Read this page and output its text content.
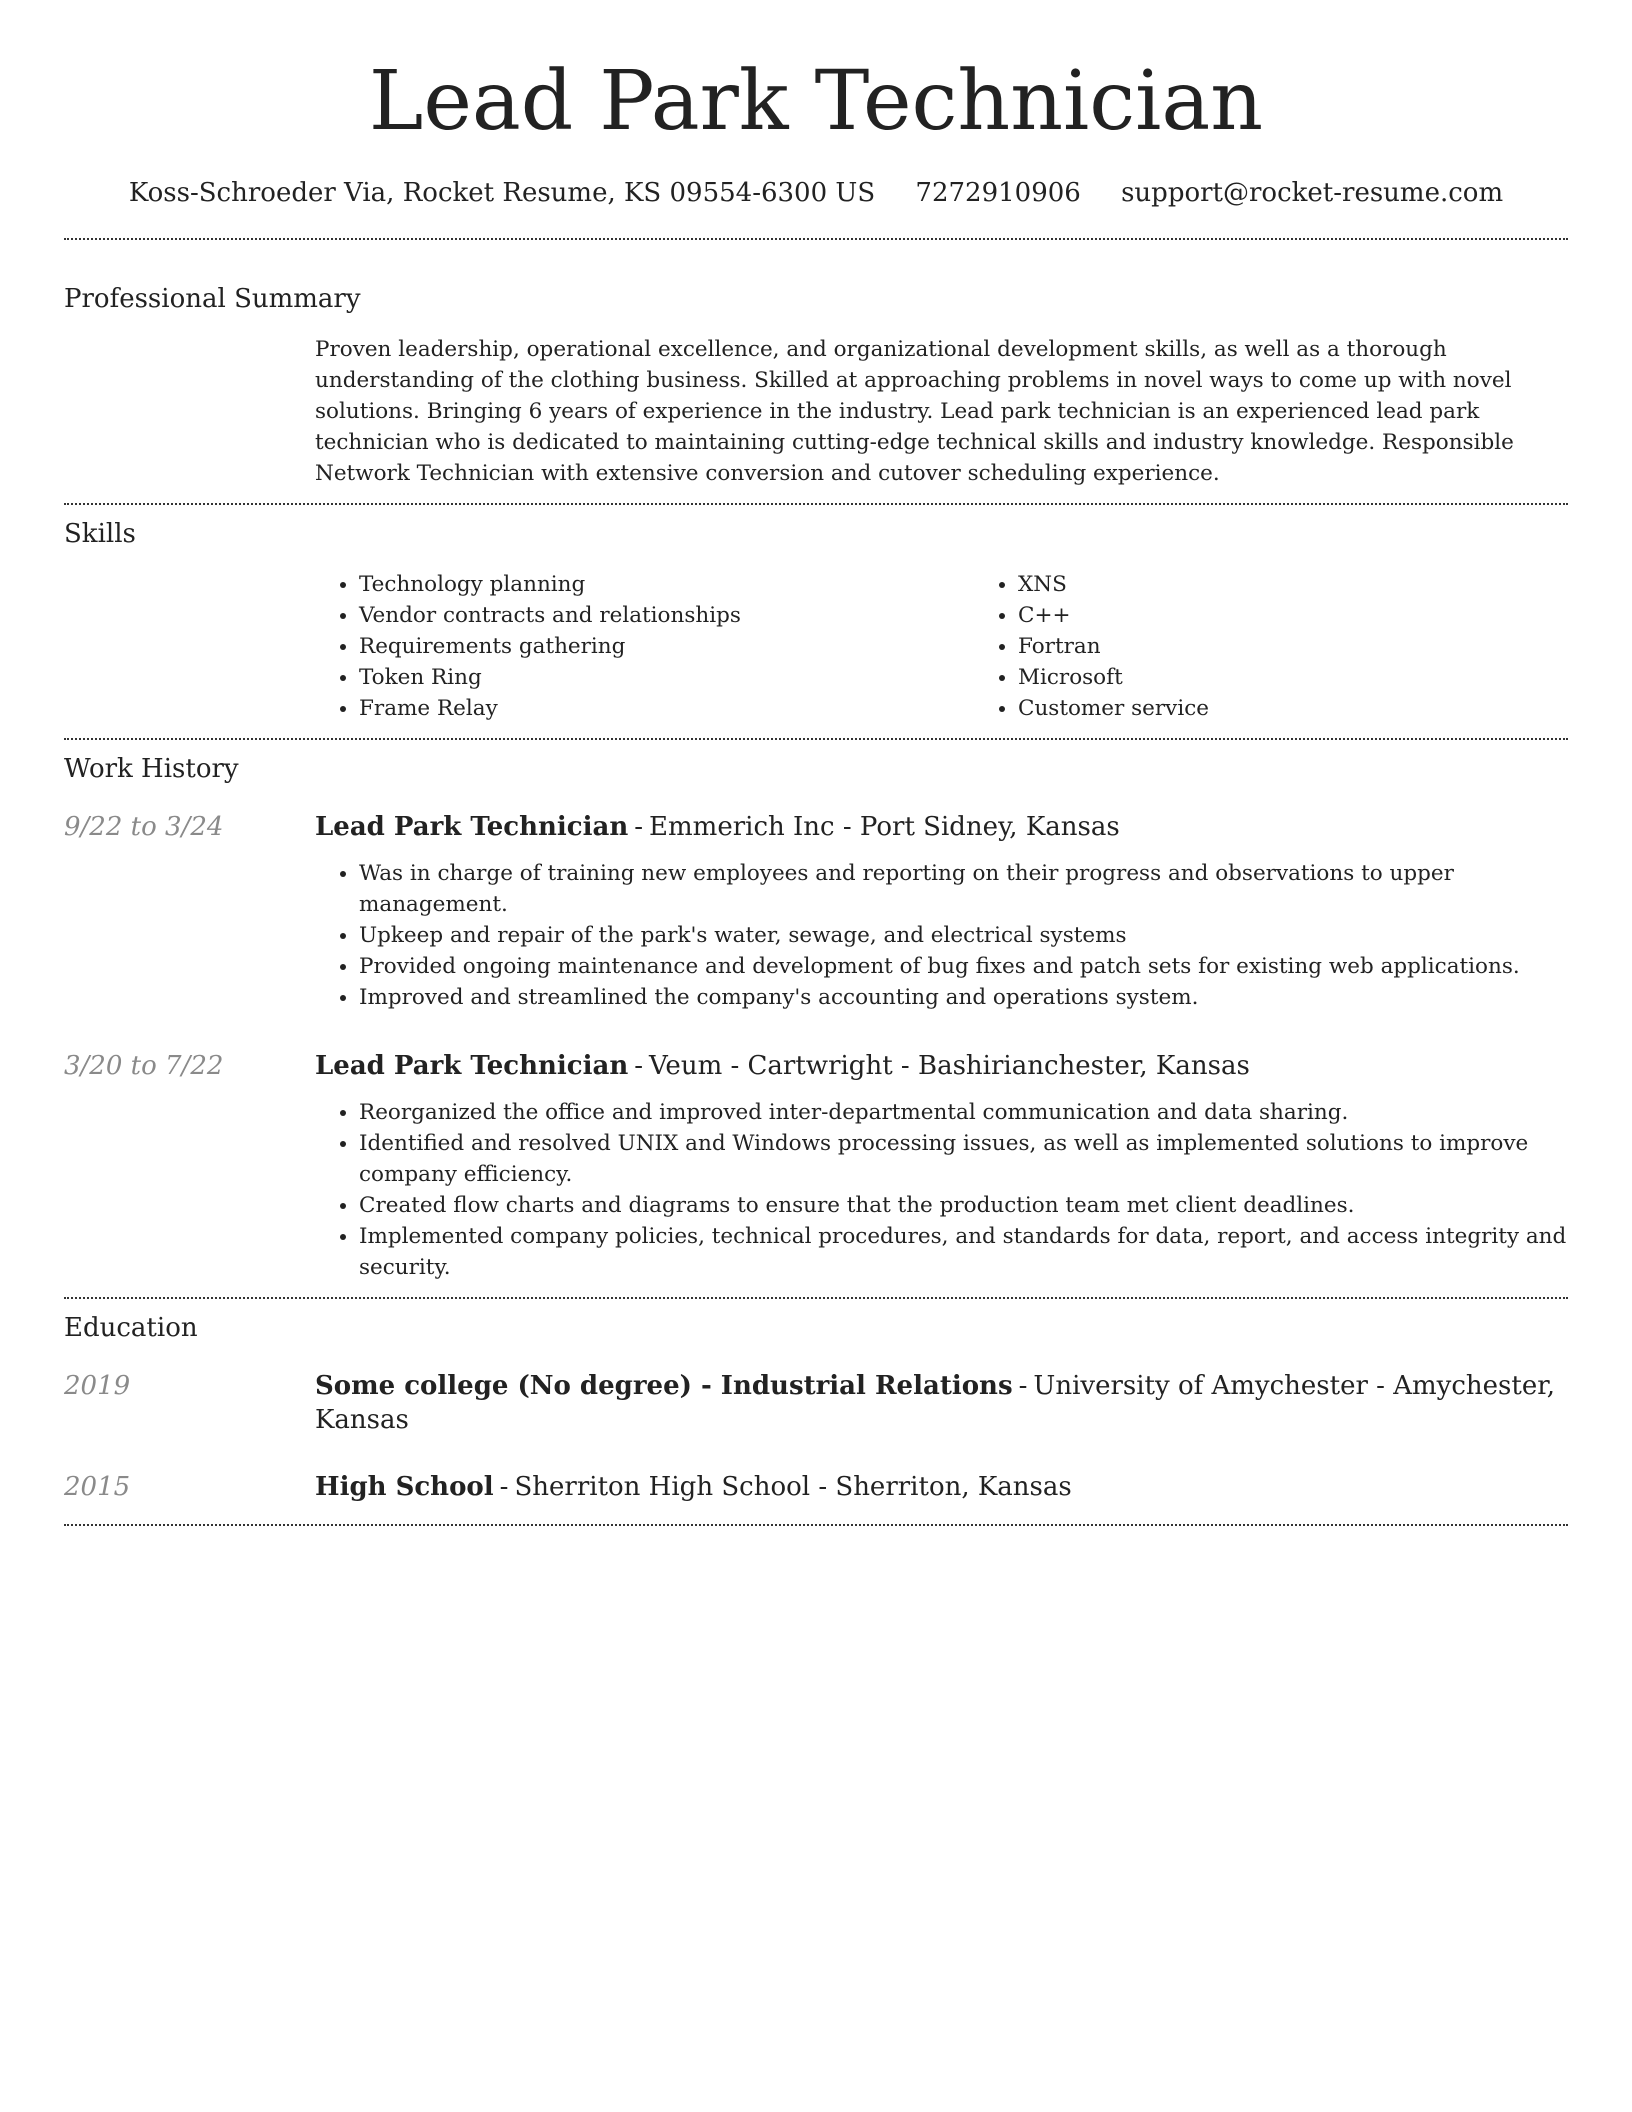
Lead Park Technician
Koss-Schroeder Via, Rocket Resume, KS 09554-6300 US 7272910906 support@rocket-resume.com
Professional Summary

Proven leadership, operational excellence, and organizational development skills, as well as a thorough understanding of the clothing business. Skilled at approaching problems in novel ways to come up with novel solutions. Bringing 6 years of experience in the industry. Lead park technician is an experienced lead park technician who is dedicated to maintaining cutting-edge technical skills and industry knowledge. Responsible Network Technician with extensive conversion and cutover scheduling experience.

Skills
• Technology planning
• Vendor contracts and relationships
• Requirements gathering
• Token Ring
• Frame Relay
• XNS
• C++
• Fortran
• Microsoft
• Customer service
Work History
9/22 to 3/24	Lead Park Technician - Emmerich Inc - Port Sidney, Kansas
• Was in charge of training new employees and reporting on their progress and observations to upper management.
• Upkeep and repair of the park's water, sewage, and electrical systems
• Provided ongoing maintenance and development of bug fixes and patch sets for existing web applications.
• Improved and streamlined the company's accounting and operations system.
3/20 to 7/22	Lead Park Technician - Veum - Cartwright - Bashirianchester, Kansas
• Reorganized the office and improved inter-departmental communication and data sharing.
• Identified and resolved UNIX and Windows processing issues, as well as implemented solutions to improve company efficiency.
• Created flow charts and diagrams to ensure that the production team met client deadlines.
• Implemented company policies, technical procedures, and standards for data, report, and access integrity and security.
Education
2019	Some college (No degree) - Industrial Relations - University of Amychester - Amychester, Kansas
2015	High School - Sherriton High School - Sherriton, Kansas
